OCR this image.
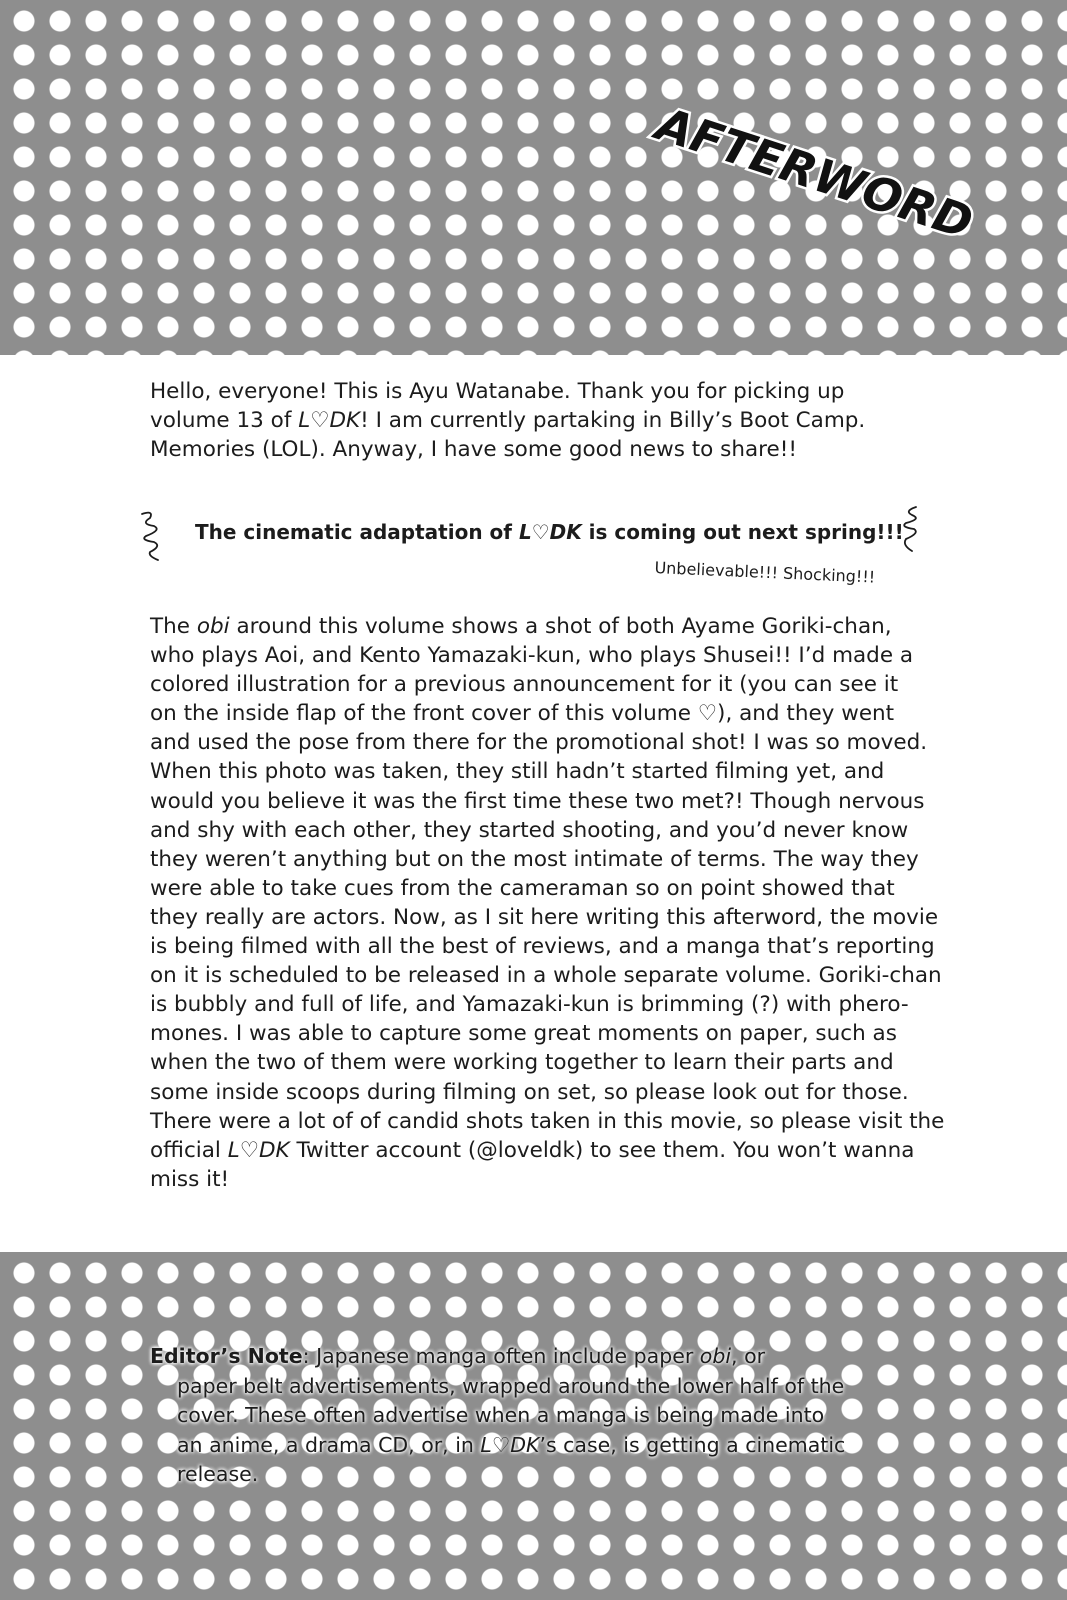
AFTERWORD
Hello, everyone! This is Ayu Watanabe. Thank you for picking up
volume 13 of L♡DK! I am currently partaking in Billy’s Boot Camp.
Memories (LOL). Anyway, I have some good news to share!!
The cinematic adaptation of L♡DK is coming out next spring!!!
Unbelievable!!! Shocking!!!
The obi around this volume shows a shot of both Ayame Goriki-chan,
who plays Aoi, and Kento Yamazaki-kun, who plays Shusei!! I’d made a
colored illustration for a previous announcement for it (you can see it
on the inside flap of the front cover of this volume ♡), and they went
and used the pose from there for the promotional shot! I was so moved.
When this photo was taken, they still hadn’t started filming yet, and
would you believe it was the first time these two met?! Though nervous
and shy with each other, they started shooting, and you’d never know
they weren’t anything but on the most intimate of terms. The way they
were able to take cues from the cameraman so on point showed that
they really are actors. Now, as I sit here writing this afterword, the movie
is being filmed with all the best of reviews, and a manga that’s reporting
on it is scheduled to be released in a whole separate volume. Goriki-chan
is bubbly and full of life, and Yamazaki-kun is brimming (?) with phero-
mones. I was able to capture some great moments on paper, such as
when the two of them were working together to learn their parts and
some inside scoops during filming on set, so please look out for those.
There were a lot of of candid shots taken in this movie, so please visit the
official L♡DK Twitter account (@loveldk) to see them. You won’t wanna
miss it!
Editor’s Note: Japanese manga often include paper obi, or
paper belt advertisements, wrapped around the lower half of the
cover. These often advertise when a manga is being made into
an anime, a drama CD, or, in L♡DK’s case, is getting a cinematic
release.
